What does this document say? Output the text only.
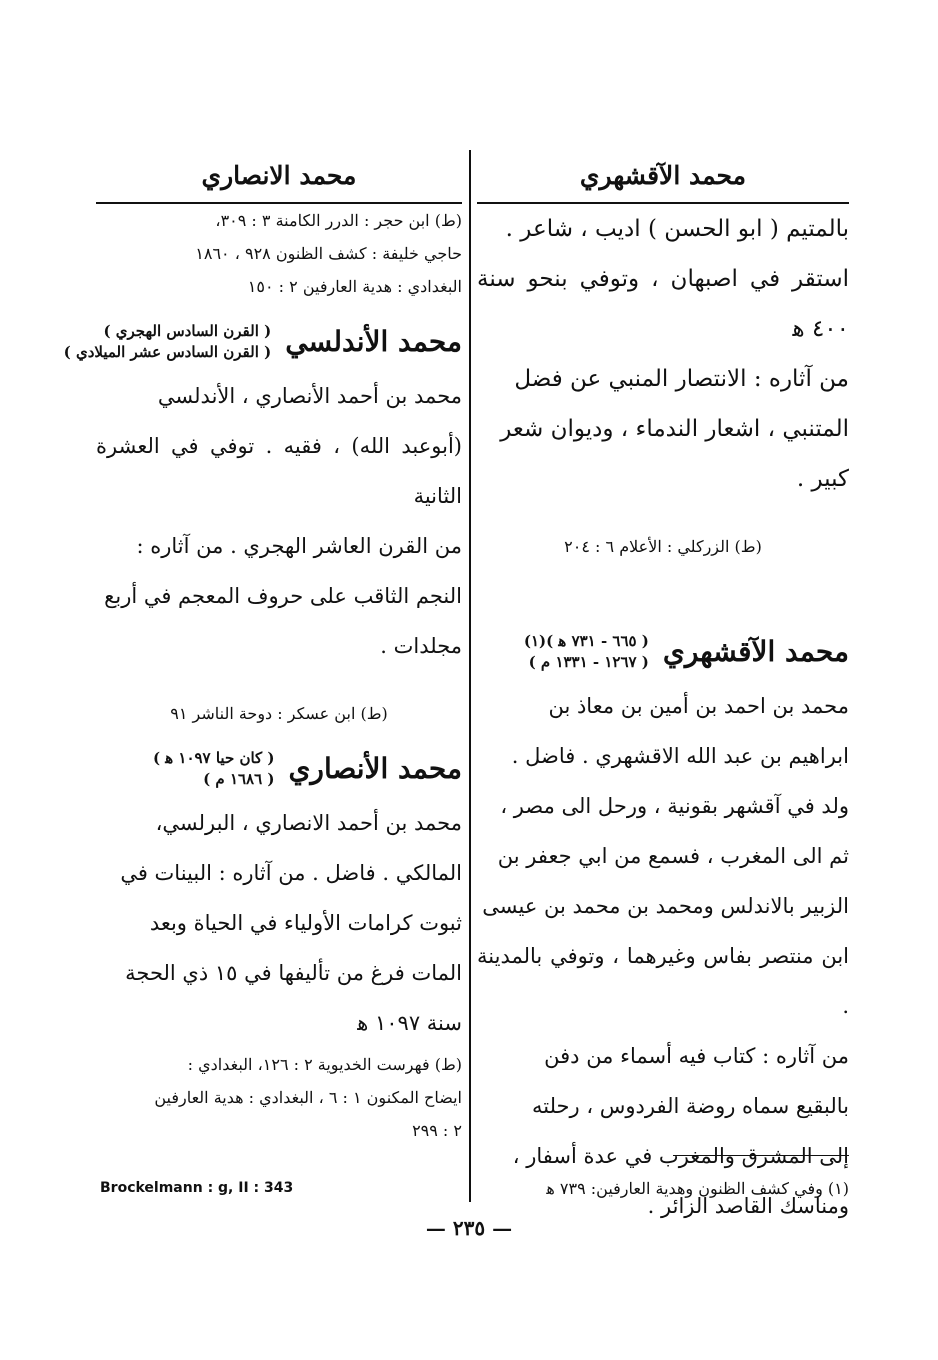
محمد الآقشهري

بالمتيم ( ابو الحسن ) اديب ، شاعر .

استقر في اصبهان ، وتوفي بنحو سنة ٤٠٠ ﻫ

من آثاره : الانتصار المنبي عن فضل

المتنبي ، اشعار الندماء ، وديوان شعر

كبير .

(ط) الزركلي : الأعلام ٦ : ٢٠٤

محمد الآقشهري
( ٦٦٥ - ٧٣١ ﻫ )(١)
( ١٢٦٧ - ١٣٣١ م )

محمد بن احمد بن أمين بن معاذ بن

ابراهيم بن عبد الله الاقشهري . فاضل .

ولد في آقشهر بقونية ، ورحل الى مصر ،

ثم الى المغرب ، فسمع من ابي جعفر بن

الزبير بالاندلس ومحمد بن محمد بن عيسى

ابن منتصر بفاس وغيرهما ، وتوفي بالمدينة .

من آثاره : كتاب فيه أسماء من دفن

بالبقيع سماه روضة الفردوس ، رحلته

إلى المشرق والمغرب في عدة أسفار ،

ومناسك القاصد الزائر .

محمد الانصاري

(ط) ابن حجر : الدرر الكامنة ٣ : ٣٠٩،

حاجي خليفة : كشف الظنون ٩٢٨ ، ١٨٦٠

البغدادي : هدية العارفين ٢ : ١٥٠

محمد الأندلسي
( القرن السادس الهجري )
( القرن السادس عشر الميلادي )

محمد بن أحمد الأنصاري ، الأندلسي

(أبوعبد الله) ، فقيه . توفي في العشرة الثانية

من القرن العاشر الهجري . من آثاره :

النجم الثاقب على حروف المعجم في أربع

مجلدات .

(ط) ابن عسكر : دوحة الناشر ٩١

محمد الأنصاري
( كان حيا ١٠٩٧ ﻫ )
( ١٦٨٦ م )

محمد بن أحمد الانصاري ، البرلسي،

المالكي . فاضل . من آثاره : البينات في

ثبوت كرامات الأولياء في الحياة وبعد

المات فرغ من تأليفها في ١٥ ذي الحجة

سنة ١٠٩٧ ﻫ

(ط) فهرست الخديوية ٢ : ١٢٦، البغدادي :

ايضاح المكنون ١ : ٦ ، البغدادي : هدية العارفين

٢ : ٢٩٩

(١) وفي كشف الظنون وهدية العارفين: ٧٣٩ ﻫ
Brockelmann : g, II : 343
— ٢٣٥ —
